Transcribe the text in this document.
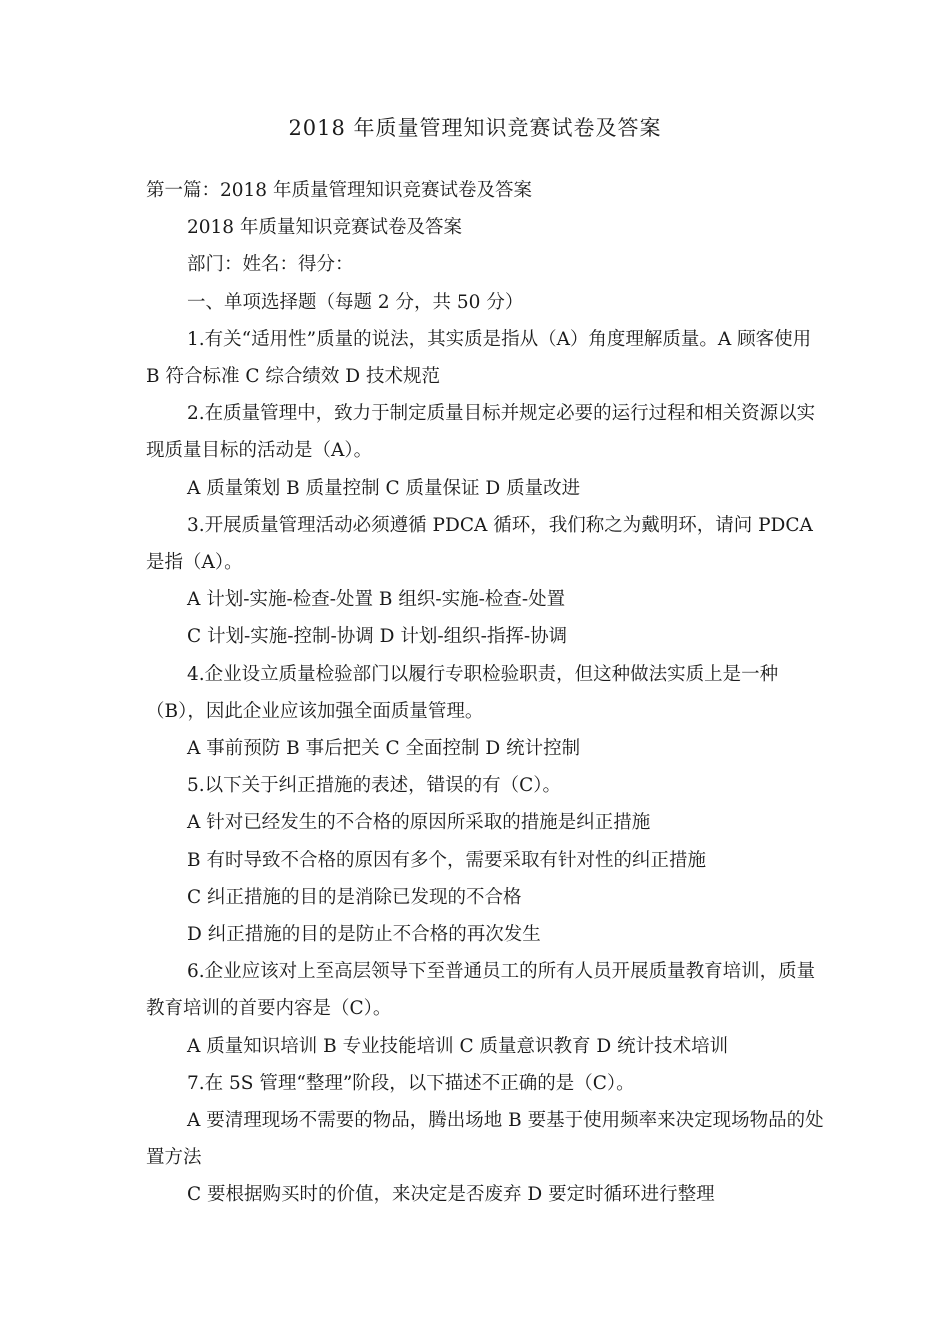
2018 年质量管理知识竞赛试卷及答案

第一篇：2018 年质量管理知识竞赛试卷及答案

2018 年质量知识竞赛试卷及答案

部门：姓名：得分：

一、单项选择题（每题 2 分，共 50 分）

1.有关“适用性”质量的说法，其实质是指从（A）角度理解质量。A 顾客使用 B 符合标准 C 综合绩效 D 技术规范

2.在质量管理中，致力于制定质量目标并规定必要的运行过程和相关资源以实现质量目标的活动是（A）。

A 质量策划 B 质量控制 C 质量保证 D 质量改进

3.开展质量管理活动必须遵循 PDCA 循环，我们称之为戴明环，请问 PDCA 是指（A）。

A 计划-实施-检查-处置 B 组织-实施-检查-处置

C 计划-实施-控制-协调 D 计划-组织-指挥-协调

4.企业设立质量检验部门以履行专职检验职责，但这种做法实质上是一种（B），因此企业应该加强全面质量管理。

A 事前预防 B 事后把关 C 全面控制 D 统计控制

5.以下关于纠正措施的表述，错误的有（C）。

A 针对已经发生的不合格的原因所采取的措施是纠正措施

B 有时导致不合格的原因有多个，需要采取有针对性的纠正措施

C 纠正措施的目的是消除已发现的不合格

D 纠正措施的目的是防止不合格的再次发生

6.企业应该对上至高层领导下至普通员工的所有人员开展质量教育培训，质量教育培训的首要内容是（C）。

A 质量知识培训 B 专业技能培训 C 质量意识教育 D 统计技术培训

7.在 5S 管理“整理”阶段，以下描述不正确的是（C）。

A 要清理现场不需要的物品，腾出场地 B 要基于使用频率来决定现场物品的处置方法

C 要根据购买时的价值，来决定是否废弃 D 要定时循环进行整理
